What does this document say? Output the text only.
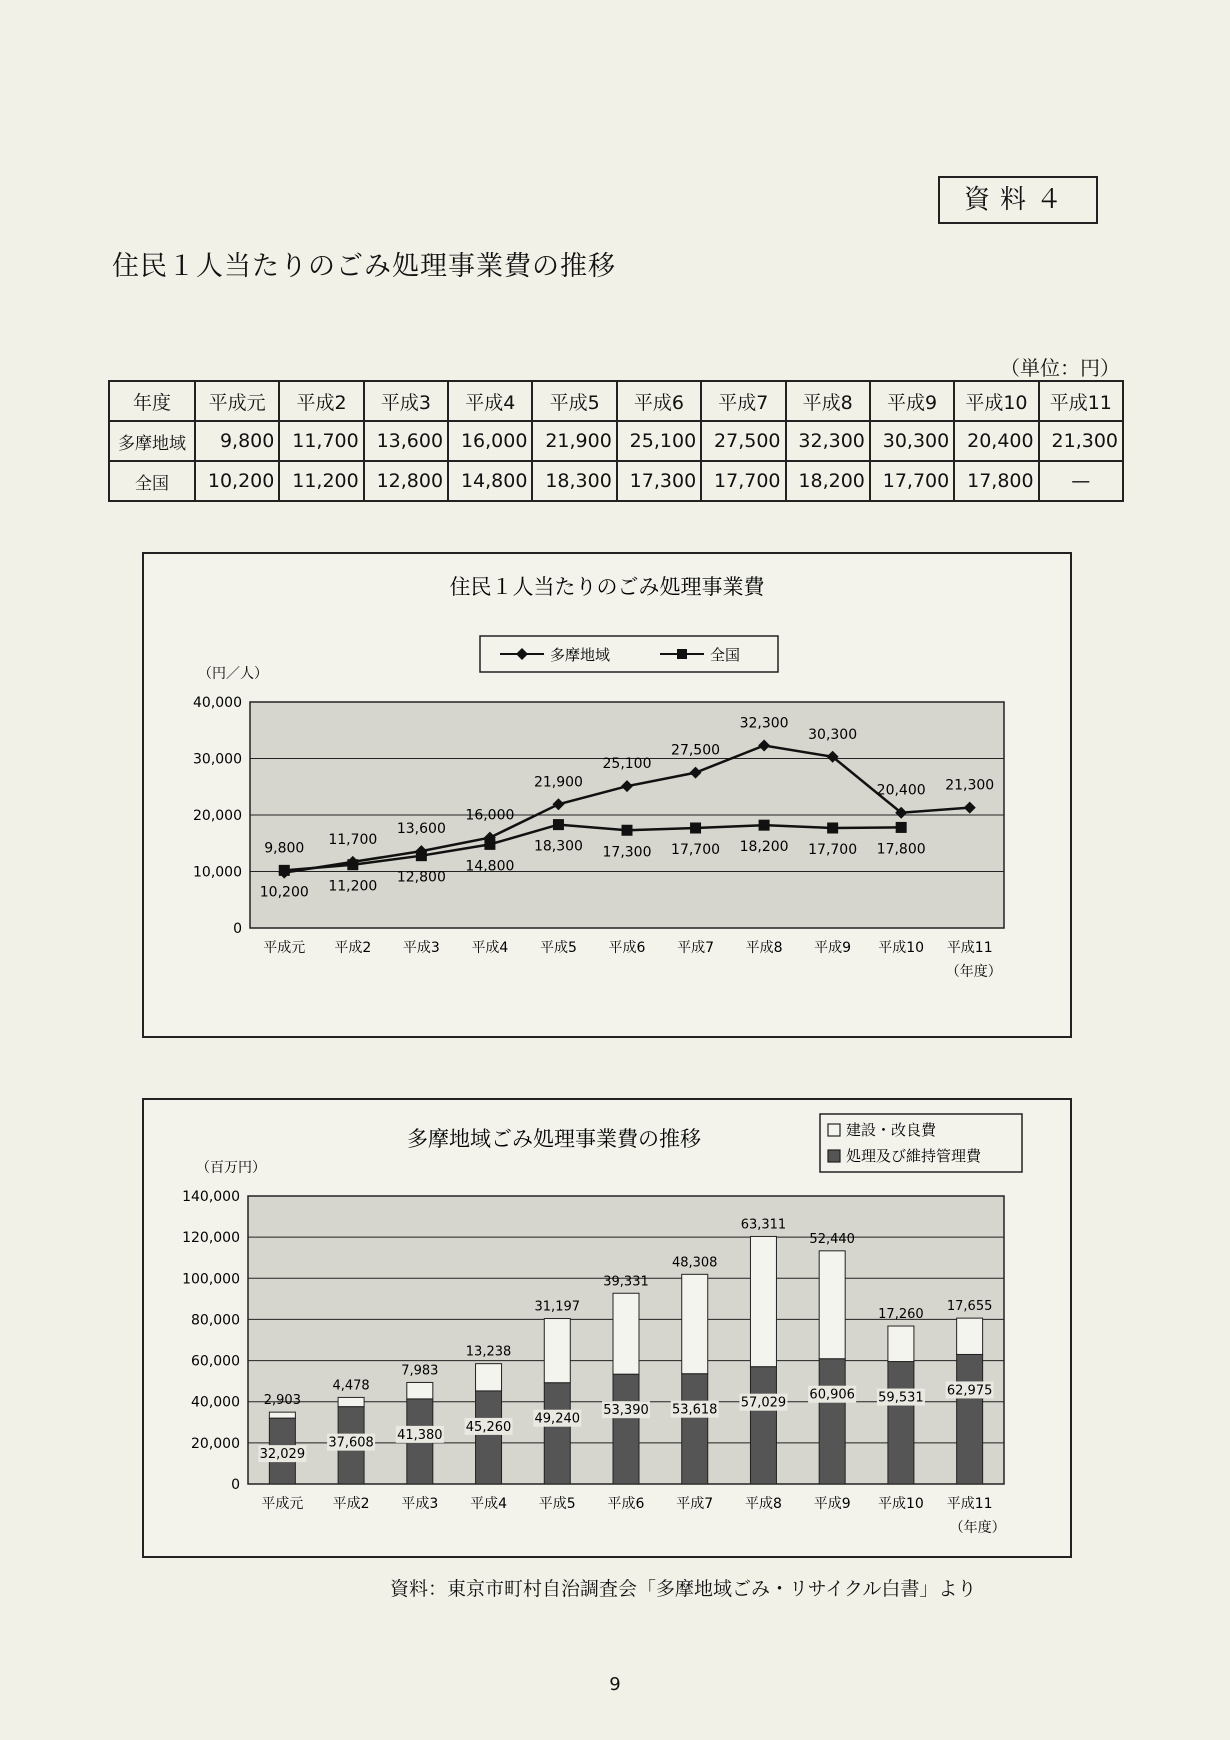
資料４
住民１人当たりのごみ処理事業費の推移
（単位：円）
年度	平成元	平成2	平成3	平成4	平成5	平成6	平成7	平成8	平成9	平成10	平成11
多摩地域	9,800	11,700	13,600	16,000	21,900	25,100	27,500	32,300	30,300	20,400	21,300
全国	10,200	11,200	12,800	14,800	18,300	17,300	17,700	18,200	17,700	17,800	—
住民１人当たりのごみ処理事業費
多摩地域	全国
（円／人）
0
10,000
20,000
30,000
40,000
平成元 平成2 平成3 平成4 平成5 平成6 平成7 平成8 平成9 平成10 平成11
（年度）
9,800
11,700
13,600
16,000
21,900
25,100
27,500
32,300
30,300
20,400 21,300
10,200 11,200
12,800
14,800
18,300 17,300 17,700 18,200 17,700 17,800
多摩地域ごみ処理事業費の推移	建設・改良費
処理及び維持管理費
（百万円）
0
20,000
40,000
60,000
80,000
100,000
120,000
140,000
平成元 平成2 平成3 平成4 平成5 平成6 平成7 平成8 平成9 平成10 平成11
（年度）
2,903
32,029
4,478
37,608
7,983
41,380
13,238
45,260
31,197
49,240
39,331
53,390
48,308
53,618
63,311
57,029
52,440
60,906
17,260
59,531
17,655
62,975
資料：東京市町村自治調査会「多摩地域ごみ・リサイクル白書」より
9
